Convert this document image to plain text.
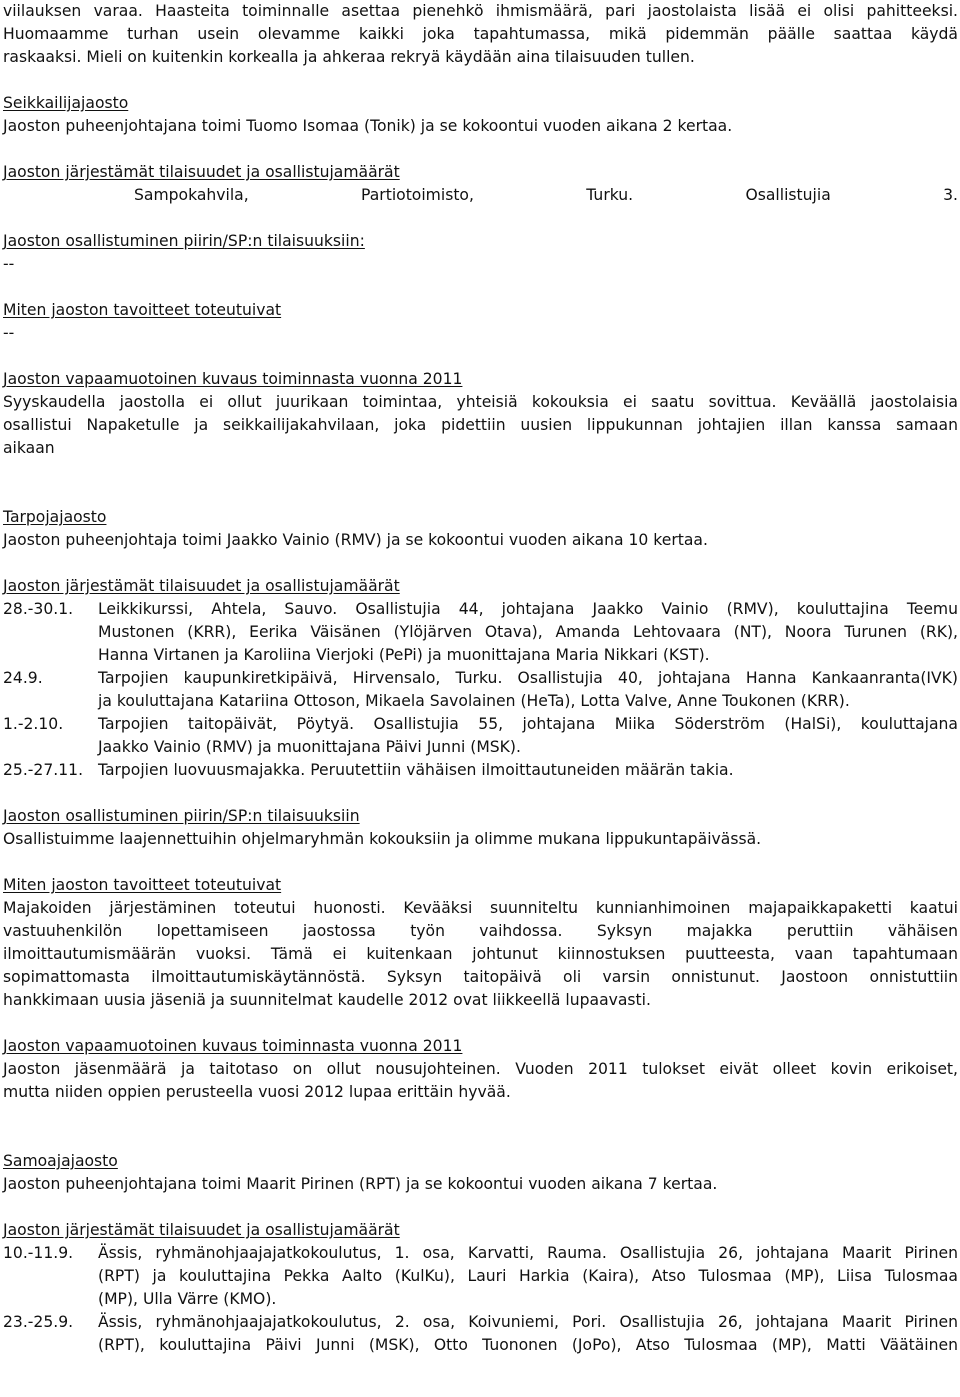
viilauksen varaa. Haasteita toiminnalle asettaa pienehkö ihmismäärä, pari jaostolaista lisää ei olisi pahitteeksi.

Huomaamme turhan usein olevamme kaikki joka tapahtumassa, mikä pidemmän päälle saattaa käydä

raskaaksi. Mieli on kuitenkin korkealla ja ahkeraa rekryä käydään aina tilaisuuden tullen.

Seikkailijajaosto

Jaoston puheenjohtajana toimi Tuomo Isomaa (Tonik) ja se kokoontui vuoden aikana 2 kertaa.

Jaoston järjestämät tilaisuudet ja osallistujamäärät

Sampokahvila, Partiotoimisto, Turku. Osallistujia 3.

Jaoston osallistuminen piirin/SP:n tilaisuuksiin:

--

Miten jaoston tavoitteet toteutuivat

--

Jaoston vapaamuotoinen kuvaus toiminnasta vuonna 2011

Syyskaudella jaostolla ei ollut juurikaan toimintaa, yhteisiä kokouksia ei saatu sovittua. Keväällä jaostolaisia

osallistui Napaketulle ja seikkailijakahvilaan, joka pidettiin uusien lippukunnan johtajien illan kanssa samaan

aikaan

Tarpojajaosto

Jaoston puheenjohtaja toimi Jaakko Vainio (RMV) ja se kokoontui vuoden aikana 10 kertaa.

Jaoston järjestämät tilaisuudet ja osallistujamäärät

28.-30.1.	Leikkikurssi, Ahtela, Sauvo. Osallistujia 44, johtajana Jaakko Vainio (RMV), kouluttajina Teemu

Mustonen (KRR), Eerika Väisänen (Ylöjärven Otava), Amanda Lehtovaara (NT), Noora Turunen (RK),

Hanna Virtanen ja Karoliina Vierjoki (PePi) ja muonittajana Maria Nikkari (KST).

24.9.	Tarpojien kaupunkiretkipäivä, Hirvensalo, Turku. Osallistujia 40, johtajana Hanna Kankaanranta(IVK)

ja kouluttajana Katariina Ottoson, Mikaela Savolainen (HeTa), Lotta Valve, Anne Toukonen (KRR).

1.-2.10.	Tarpojien taitopäivät, Pöytyä. Osallistujia 55, johtajana Miika Söderström (HalSi), kouluttajana

Jaakko Vainio (RMV) ja muonittajana Päivi Junni (MSK).

25.-27.11. Tarpojien luovuusmajakka. Peruutettiin vähäisen ilmoittautuneiden määrän takia.

Jaoston osallistuminen piirin/SP:n tilaisuuksiin

Osallistuimme laajennettuihin ohjelmaryhmän kokouksiin ja olimme mukana lippukuntapäivässä.

Miten jaoston tavoitteet toteutuivat

Majakoiden järjestäminen toteutui huonosti. Kevääksi suunniteltu kunnianhimoinen majapaikkapaketti kaatui

vastuuhenkilön lopettamiseen jaostossa työn vaihdossa. Syksyn majakka peruttiin vähäisen

ilmoittautumismäärän vuoksi. Tämä ei kuitenkaan johtunut kiinnostuksen puutteesta, vaan tapahtumaan

sopimattomasta ilmoittautumiskäytännöstä. Syksyn taitopäivä oli varsin onnistunut. Jaostoon onnistuttiin

hankkimaan uusia jäseniä ja suunnitelmat kaudelle 2012 ovat liikkeellä lupaavasti.

Jaoston vapaamuotoinen kuvaus toiminnasta vuonna 2011

Jaoston jäsenmäärä ja taitotaso on ollut nousujohteinen. Vuoden 2011 tulokset eivät olleet kovin erikoiset,

mutta niiden oppien perusteella vuosi 2012 lupaa erittäin hyvää.

Samoajajaosto

Jaoston puheenjohtajana toimi Maarit Pirinen (RPT) ja se kokoontui vuoden aikana 7 kertaa.

Jaoston järjestämät tilaisuudet ja osallistujamäärät

10.-11.9.	Ässis, ryhmänohjaajajatkokoulutus, 1. osa, Karvatti, Rauma. Osallistujia 26, johtajana Maarit Pirinen

(RPT) ja kouluttajina Pekka Aalto (KulKu), Lauri Harkia (Kaira), Atso Tulosmaa (MP), Liisa Tulosmaa

(MP), Ulla Värre (KMO).

23.-25.9.	Ässis, ryhmänohjaajajatkokoulutus, 2. osa, Koivuniemi, Pori. Osallistujia 26, johtajana Maarit Pirinen

(RPT), kouluttajina Päivi Junni (MSK), Otto Tuononen (JoPo), Atso Tulosmaa (MP), Matti Väätäinen
